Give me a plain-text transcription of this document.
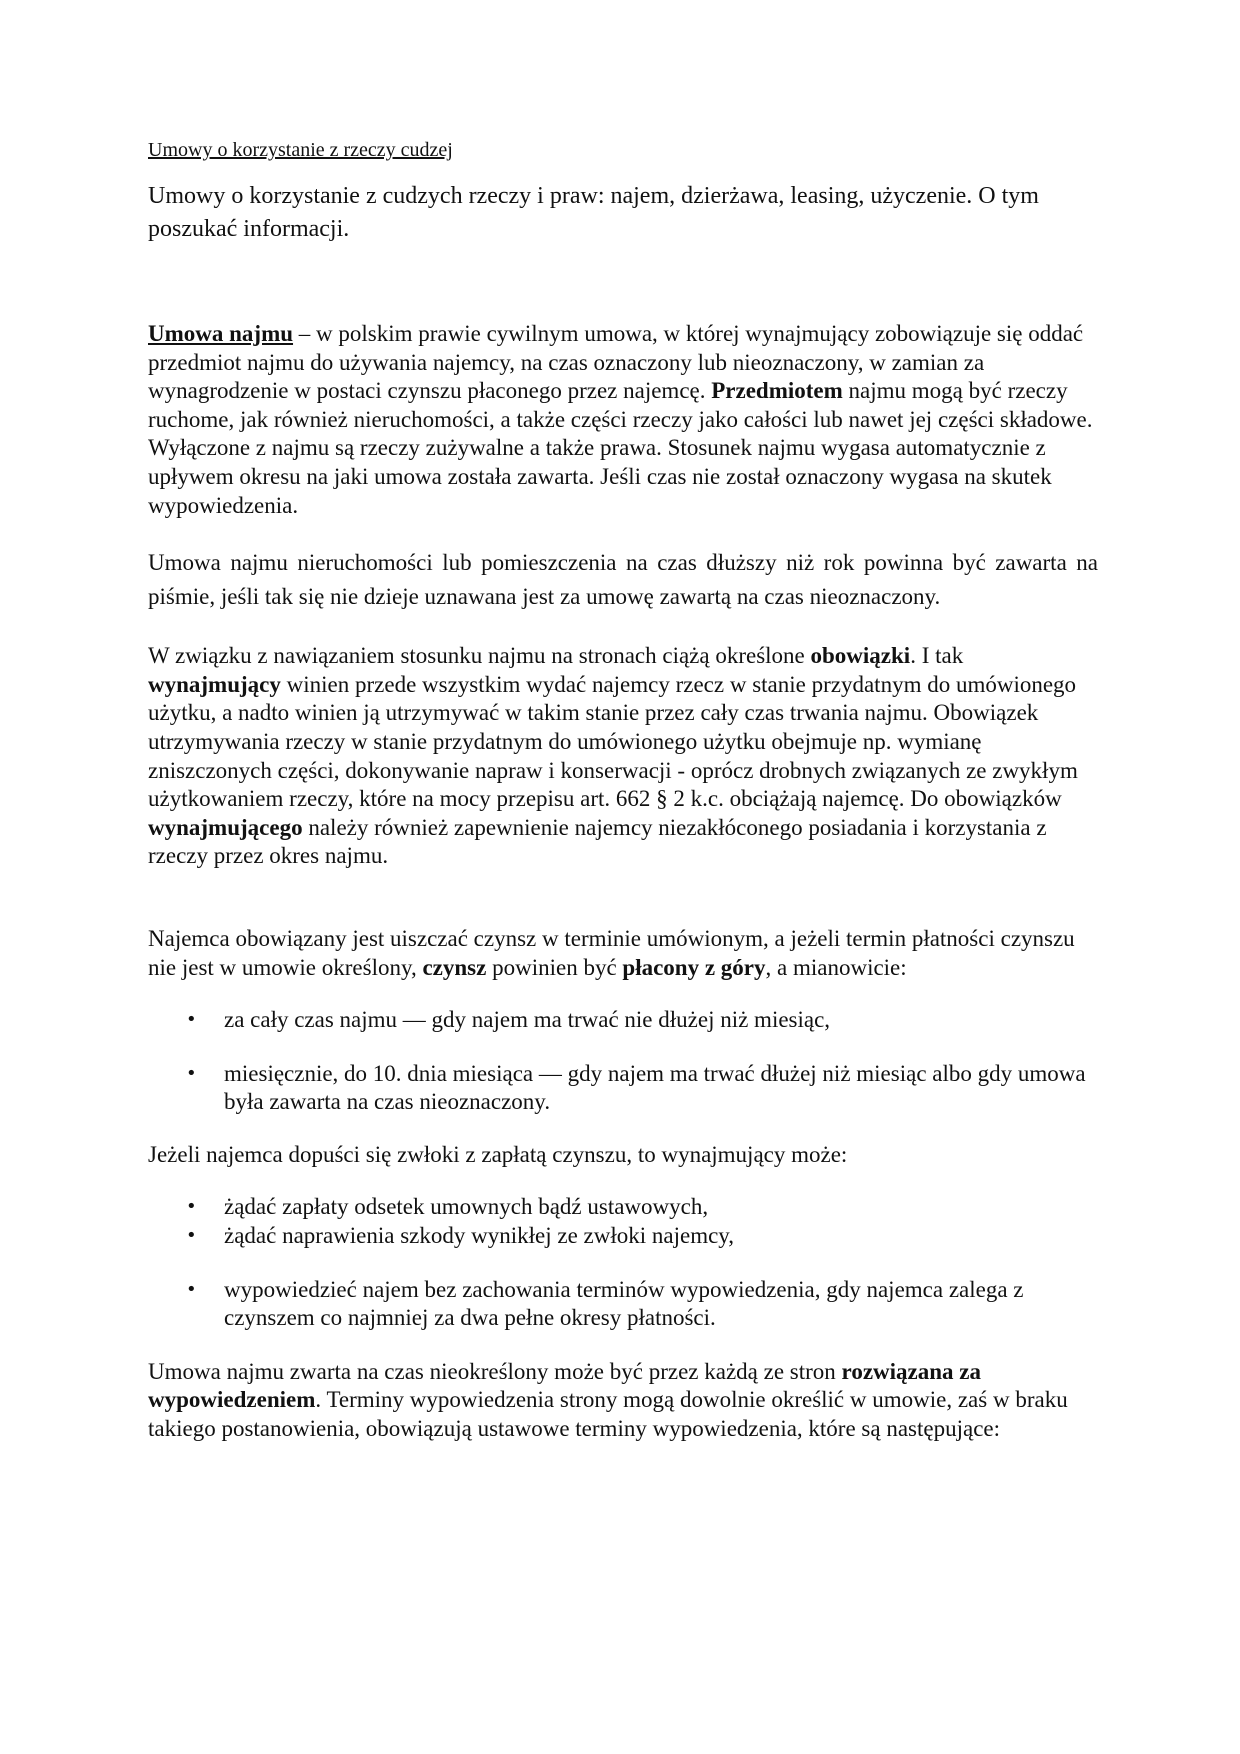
Umowy o korzystanie z rzeczy cudzej

Umowy o korzystanie z cudzych rzeczy i praw: najem, dzierżawa, leasing, użyczenie. O tym poszukać informacji.

Umowa najmu – w polskim prawie cywilnym umowa, w której wynajmujący zobowiązuje się oddać przedmiot najmu do używania najemcy, na czas oznaczony lub nieoznaczony, w zamian za wynagrodzenie w postaci czynszu płaconego przez najemcę. Przedmiotem najmu mogą być rzeczy ruchome, jak również nieruchomości, a także części rzeczy jako całości lub nawet jej części składowe. Wyłączone z najmu są rzeczy zużywalne a także prawa. Stosunek najmu wygasa automatycznie z upływem okresu na jaki umowa została zawarta. Jeśli czas nie został oznaczony wygasa na skutek wypowiedzenia.

Umowa najmu nieruchomości lub pomieszczenia na czas dłuższy niż rok powinna być zawarta na piśmie, jeśli tak się nie dzieje uznawana jest za umowę zawartą na czas nieoznaczony.

W związku z nawiązaniem stosunku najmu na stronach ciążą określone obowiązki. I tak wynajmujący winien przede wszystkim wydać najemcy rzecz w stanie przydatnym do umówionego użytku, a nadto winien ją utrzymywać w takim stanie przez cały czas trwania najmu. Obowiązek utrzymywania rzeczy w stanie przydatnym do umówionego użytku obejmuje np. wymianę zniszczonych części, dokonywanie napraw i konserwacji - oprócz drobnych związanych ze zwykłym użytkowaniem rzeczy, które na mocy przepisu art. 662 § 2 k.c. obciążają najemcę. Do obowiązków wynajmującego należy również zapewnienie najemcy niezakłóconego posiadania i korzystania z rzeczy przez okres najmu.

Najemca obowiązany jest uiszczać czynsz w terminie umówionym, a jeżeli termin płatności czynszu nie jest w umowie określony, czynsz powinien być płacony z góry, a mianowicie:

• za cały czas najmu — gdy najem ma trwać nie dłużej niż miesiąc,
• miesięcznie, do 10. dnia miesiąca — gdy najem ma trwać dłużej niż miesiąc albo gdy umowa była zawarta na czas nieoznaczony.

Jeżeli najemca dopuści się zwłoki z zapłatą czynszu, to wynajmujący może:

• żądać zapłaty odsetek umownych bądź ustawowych,
• żądać naprawienia szkody wynikłej ze zwłoki najemcy,
• wypowiedzieć najem bez zachowania terminów wypowiedzenia, gdy najemca zalega z czynszem co najmniej za dwa pełne okresy płatności.

Umowa najmu zwarta na czas nieokreślony może być przez każdą ze stron rozwiązana za wypowiedzeniem. Terminy wypowiedzenia strony mogą dowolnie określić w umowie, zaś w braku takiego postanowienia, obowiązują ustawowe terminy wypowiedzenia, które są następujące:
